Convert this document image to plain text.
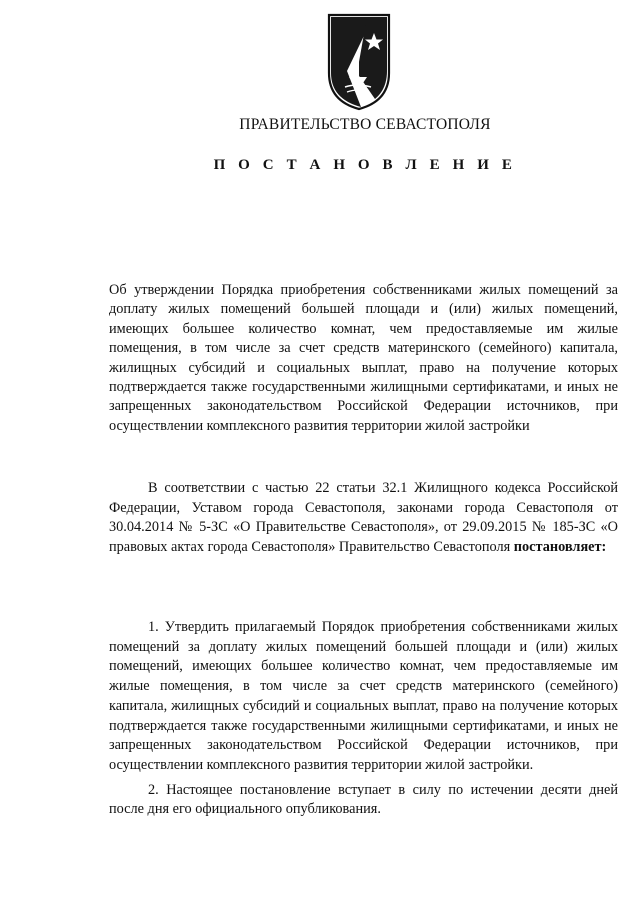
ПРАВИТЕЛЬСТВО СЕВАСТОПОЛЯ
П О С Т А Н О В Л Е Н И Е
Об утверждении Порядка приобретения собственниками жилых помещений за доплату жилых помещений большей площади и (или) жилых помещений, имеющих большее количество комнат, чем предоставляемые им жилые помещения, в том числе за счет средств материнского (семейного) капитала, жилищных субсидий и социальных выплат, право на получение которых подтверждается также государственными жилищными сертификатами, и иных не запрещенных законодательством Российской Федерации источников, при осуществлении комплексного развития территории жилой застройки
В соответствии с частью 22 статьи 32.1 Жилищного кодекса Российской Федерации, Уставом города Севастополя, законами города Севастополя от 30.04.2014 № 5-ЗС «О Правительстве Севастополя», от 29.09.2015 № 185-ЗС «О правовых актах города Севастополя» Правительство Севастополя постановляет:

1. Утвердить прилагаемый Порядок приобретения собственниками жилых помещений за доплату жилых помещений большей площади и (или) жилых помещений, имеющих большее количество комнат, чем предоставляемые им жилые помещения, в том числе за счет средств материнского (семейного) капитала, жилищных субсидий и социальных выплат, право на получение которых подтверждается также государственными жилищными сертификатами, и иных не запрещенных законодательством Российской Федерации источников, при осуществлении комплексного развития территории жилой застройки.

2. Настоящее постановление вступает в силу по истечении десяти дней после дня его официального опубликования.
